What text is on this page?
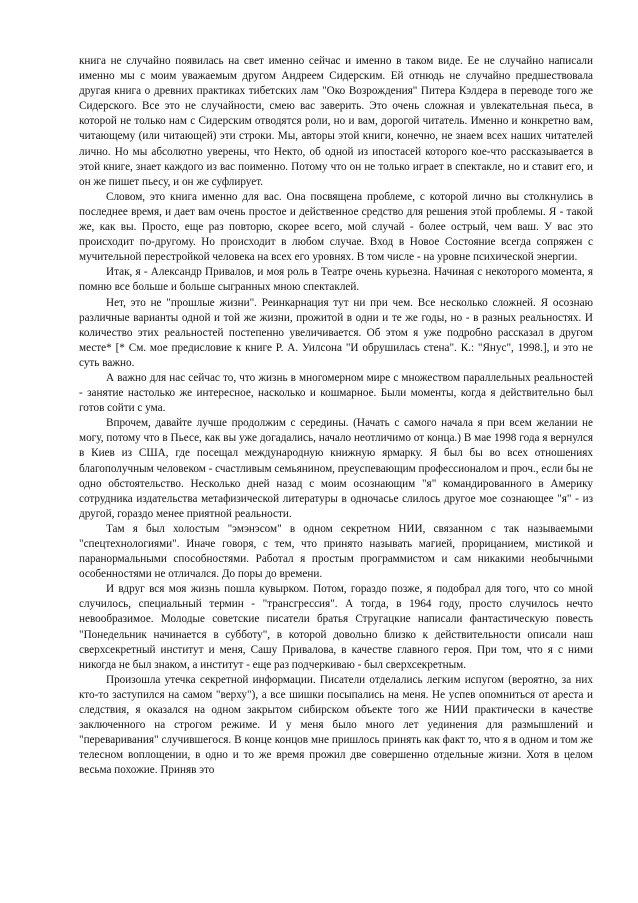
книга не случайно появилась на свет именно сейчас и именно в таком виде. Ее не случайно написали именно мы с моим уважаемым другом Андреем Сидерским. Ей отнюдь не случайно предшествовала другая книга о древних практиках тибетских лам "Око Возрождения" Питера Кэлдера в переводе того же Сидерского. Все это не случайности, смею вас заверить. Это очень сложная и увлекательная пьеса, в которой не только нам с Сидерским отводятся роли, но и вам, дорогой читатель. Именно и конкретно вам, читающему (или читающей) эти строки. Мы, авторы этой книги, конечно, не знаем всех наших читателей лично. Но мы абсолютно уверены, что Некто, об одной из ипостасей которого кое-что рассказывается в этой книге, знает каждого из вас поименно. Потому что он не только играет в спектакле, но и ставит его, и он же пишет пьесу, и он же суфлирует.

Словом, это книга именно для вас. Она посвящена проблеме, с которой лично вы столкнулись в последнее время, и дает вам очень простое и действенное средство для решения этой проблемы. Я - такой же, как вы. Просто, еще раз повторю, скорее всего, мой случай - более острый, чем ваш. У вас это происходит по-другому. Но происходит в любом случае. Вход в Новое Состояние всегда сопряжен с мучительной перестройкой человека на всех его уровнях. В том числе - на уровне психической энергии.

Итак, я - Александр Привалов, и моя роль в Театре очень курьезна. Начиная с некоторого момента, я помню все больше и больше сыгранных мною спектаклей.

Нет, это не "прошлые жизни". Реинкарнация тут ни при чем. Все несколько сложней. Я осознаю различные варианты одной и той же жизни, прожитой в одни и те же годы, но - в разных реальностях. И количество этих реальностей постепенно увеличивается. Об этом я уже подробно рассказал в другом месте* [* См. мое предисловие к книге Р. А. Уилсона "И обрушилась стена". К.: "Янус", 1998.], и это не суть важно.

А важно для нас сейчас то, что жизнь в многомерном мире с множеством параллельных реальностей - занятие настолько же интересное, насколько и кошмарное. Были моменты, когда я действительно был готов сойти с ума.

Впрочем, давайте лучше продолжим с середины. (Начать с самого начала я при всем желании не могу, потому что в Пьесе, как вы уже догадались, начало неотличимо от конца.) В мае 1998 года я вернулся в Киев из США, где посещал международную книжную ярмарку. Я был бы во всех отношениях благополучным человеком - счастливым семьянином, преуспевающим профессионалом и проч., если бы не одно обстоятельство. Несколько дней назад с моим осознающим "я" командированного в Америку сотрудника издательства метафизической литературы в одночасье слилось другое мое сознающее "я" - из другой, гораздо менее приятной реальности.

Там я был холостым "эмэнэсом" в одном секретном НИИ, связанном с так называемыми "спецтехнологиями". Иначе говоря, с тем, что принято называть магией, прорицанием, мистикой и паранормальными способностями. Работал я простым программистом и сам никакими необычными особенностями не отличался. До поры до времени.

И вдруг вся моя жизнь пошла кувырком. Потом, гораздо позже, я подобрал для того, что со мной случилось, специальный термин - "трансгрессия". А тогда, в 1964 году, просто случилось нечто невообразимое. Молодые советские писатели братья Стругацкие написали фантастическую повесть "Понедельник начинается в субботу", в которой довольно близко к действительности описали наш сверхсекретный институт и меня, Сашу Привалова, в качестве главного героя. При том, что я с ними никогда не был знаком, а институт - еще раз подчеркиваю - был сверхсекретным.

Произошла утечка секретной информации. Писатели отделались легким испугом (вероятно, за них кто-то заступился на самом "верху"), а все шишки посыпались на меня. Не успев опомниться от ареста и следствия, я оказался на одном закрытом сибирском объекте того же НИИ практически в качестве заключенного на строгом режиме. И у меня было много лет уединения для размышлений и "переваривания" случившегося. В конце концов мне пришлось принять как факт то, что я в одном и том же телесном воплощении, в одно и то же время прожил две совершенно отдельные жизни. Хотя в целом весьма похожие. Приняв это
